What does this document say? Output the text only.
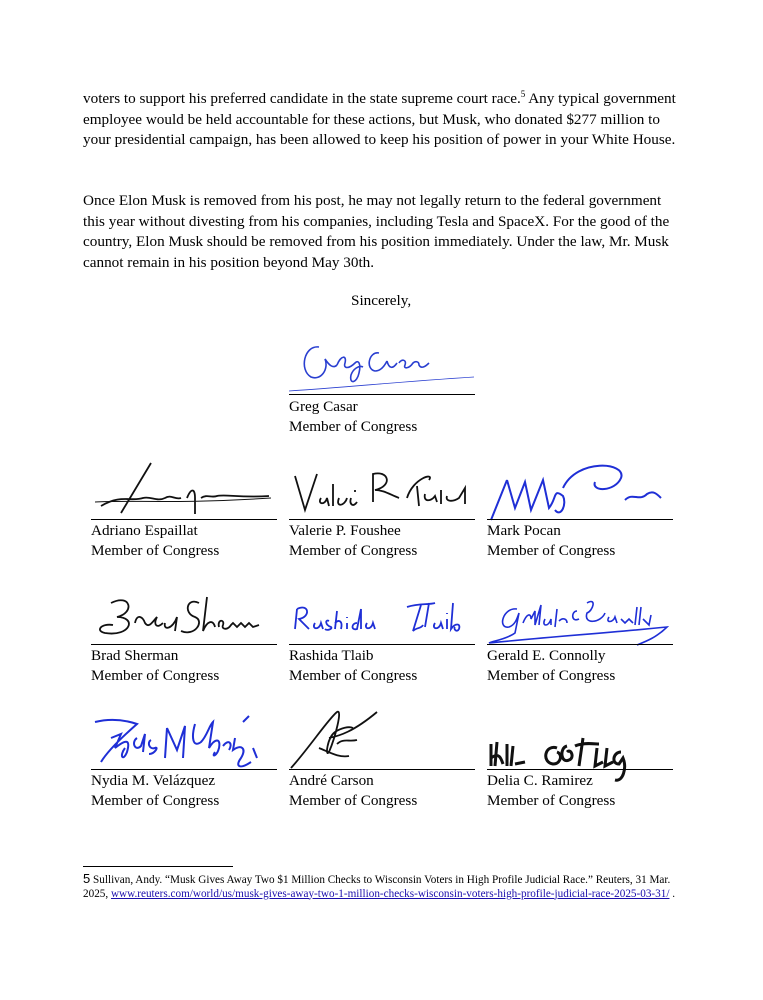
voters to support his preferred candidate in the state supreme court race.$^5$ Any typical government employee would be held accountable for these actions, but Musk, who donated $277 million to your presidential campaign, has been allowed to keep his position of power in your White House.

Once Elon Musk is removed from his post, he may not legally return to the federal government this year without divesting from his companies, including Tesla and SpaceX. For the good of the country, Elon Musk should be removed from his position immediately. Under the law, Mr. Musk cannot remain in his position beyond May 30th.

Sincerely,
Greg Casar
Member of Congress
Adriano Espaillat
Member of Congress
Valerie P. Foushee
Member of Congress
Mark Pocan
Member of Congress
Brad Sherman
Member of Congress
Rashida Tlaib
Member of Congress
Gerald E. Connolly
Member of Congress
Nydia M. Velázquez
Member of Congress
André Carson
Member of Congress
Delia C. Ramirez
Member of Congress
5 Sullivan, Andy. “Musk Gives Away Two $1 Million Checks to Wisconsin Voters in High Profile Judicial Race.” Reuters, 31 Mar. 2025, www.reuters.com/world/us/musk-gives-away-two-1-million-checks-wisconsin-voters-high-profile-judicial-race-2025-03-31/ .
